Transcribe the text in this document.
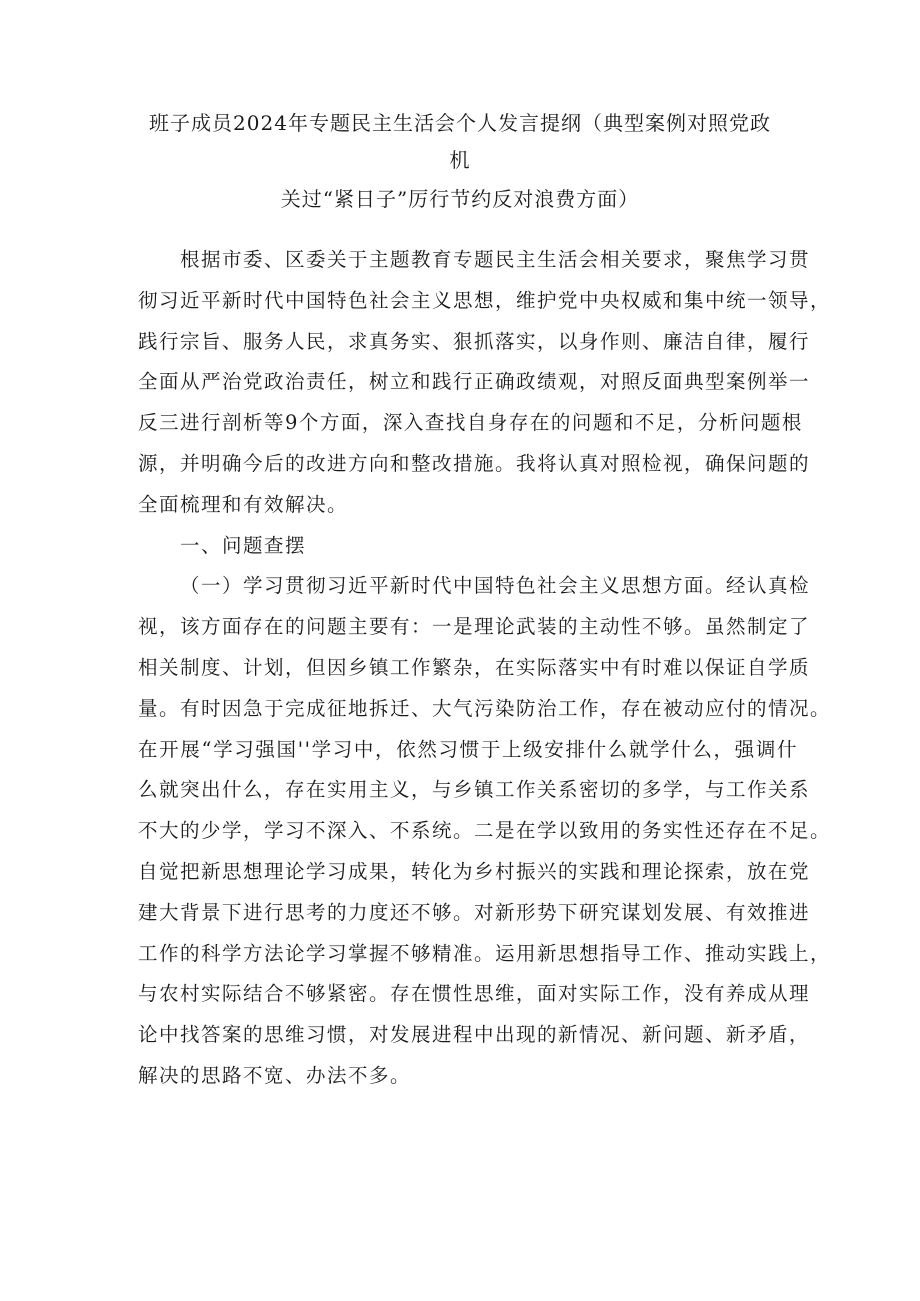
班子成员2024年专题民主生活会个人发言提纲（典型案例对照党政
机
关过“紧日子”厉行节约反对浪费方面）
根据市委、区委关于主题教育专题民主生活会相关要求，聚焦学习贯
彻习近平新时代中国特色社会主义思想，维护党中央权威和集中统一领导，
践行宗旨、服务人民，求真务实、狠抓落实，以身作则、廉洁自律，履行
全面从严治党政治责任，树立和践行正确政绩观，对照反面典型案例举一
反三进行剖析等9个方面，深入查找自身存在的问题和不足，分析问题根
源，并明确今后的改进方向和整改措施。我将认真对照检视，确保问题的
全面梳理和有效解决。
一、问题查摆
（一）学习贯彻习近平新时代中国特色社会主义思想方面。经认真检
视，该方面存在的问题主要有：一是理论武装的主动性不够。虽然制定了
相关制度、计划，但因乡镇工作繁杂，在实际落实中有时难以保证自学质
量。有时因急于完成征地拆迁、大气污染防治工作，存在被动应付的情况。
在开展“学习强国''学习中，依然习惯于上级安排什么就学什么，强调什
么就突出什么，存在实用主义，与乡镇工作关系密切的多学，与工作关系
不大的少学，学习不深入、不系统。二是在学以致用的务实性还存在不足。
自觉把新思想理论学习成果，转化为乡村振兴的实践和理论探索，放在党
建大背景下进行思考的力度还不够。对新形势下研究谋划发展、有效推进
工作的科学方法论学习掌握不够精准。运用新思想指导工作、推动实践上，
与农村实际结合不够紧密。存在惯性思维，面对实际工作，没有养成从理
论中找答案的思维习惯，对发展进程中出现的新情况、新问题、新矛盾，
解决的思路不宽、办法不多。
